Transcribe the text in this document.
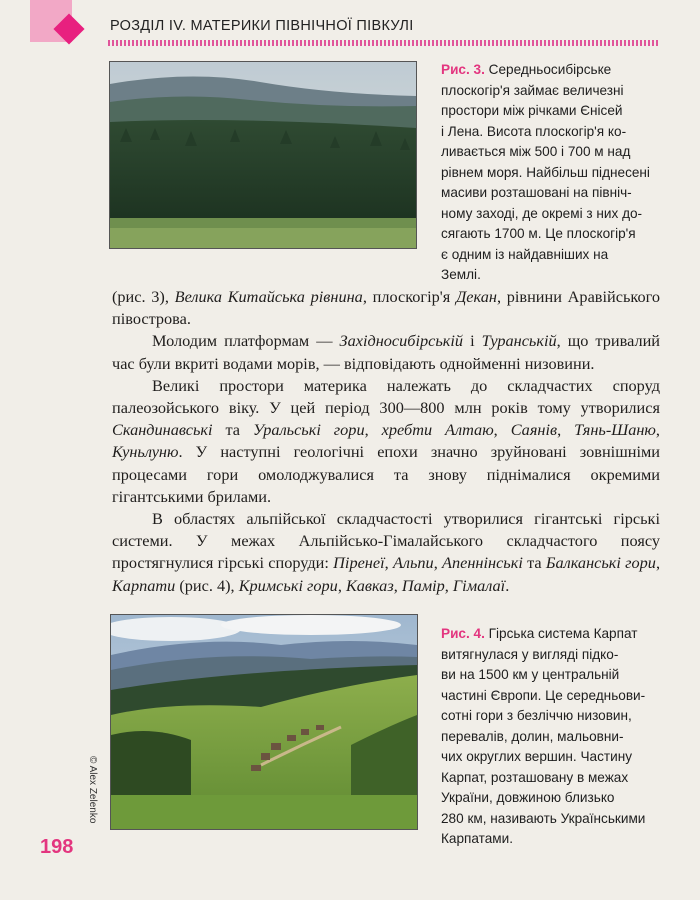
РОЗДІЛ IV. МАТЕРИКИ ПІВНІЧНОЇ ПІВКУЛІ
Рис. 3. Середньосибірське
плоскогір'я займає величезні
простори між річками Єнісей
і Лена. Висота плоскогір'я ко-
ливається між 500 і 700 м над
рівнем моря. Найбільш піднесені
масиви розташовані на північ-
ному заході, де окремі з них до-
сягають 1700 м. Це плоскогір'я
є одним із найдавніших на
Землі.

(рис. 3), Велика Китайська рівнина, плоскогір'я Декан, рівнини Аравійського півострова.

Молодим платформам — Західносибірській і Туранській, що тривалий час були вкриті водами морів, — відповідають однойменні низовини.

Великі простори материка належать до складчастих споруд палеозойського віку. У цей період 300—800 млн років тому утворилися Скандинавські та Уральські гори, хребти Алтаю, Саянів, Тянь-Шаню, Куньлуню. У наступні геологічні епохи значно зруйновані зовнішніми процесами гори омолоджувалися та знову піднімалися окремими гігантськими брилами.

В областях альпійської складчастості утворилися гігантські гірські системи. У межах Альпійсько-Гімалайського складчастого поясу простягнулися гірські споруди: Піренеї, Альпи, Апеннінські та Балканські гори, Карпати (рис. 4), Кримські гори, Кавказ, Памір, Гімалаї.

Рис. 4. Гірська система Карпат
витягнулася у вигляді підко-
ви на 1500 км у центральній
частині Європи. Це середньови-
сотні гори з безліччю низовин,
перевалів, долин, мальовни-
чих округлих вершин. Частину
Карпат, розташовану в межах
України, довжиною близько
280 км, називають Українськими
Карпатами.
© Alex Zelenko
198
